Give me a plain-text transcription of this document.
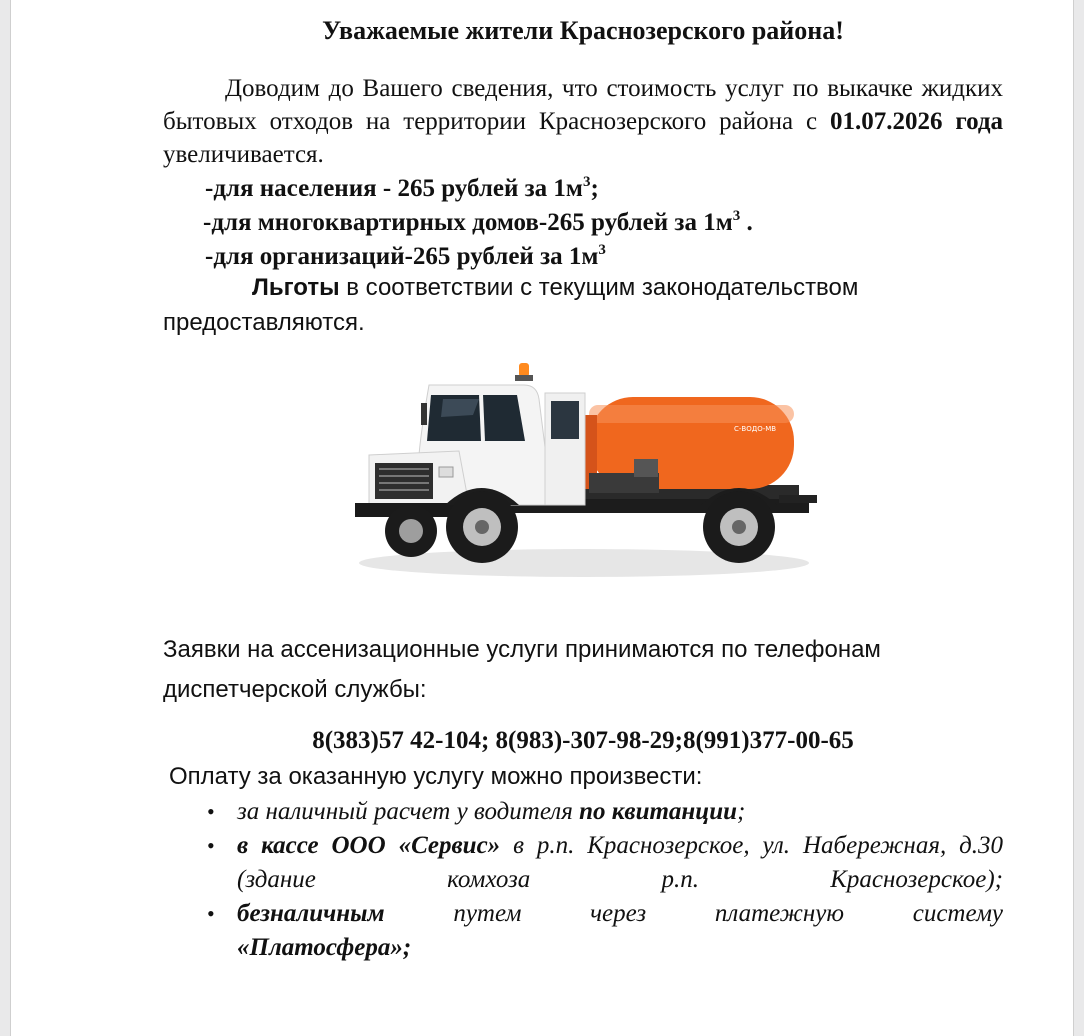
Уважаемые жители Краснозерского района!
Доводим до Вашего сведения, что стоимость услуг по выкачке жидких бытовых отходов на территории Краснозерского района с 01.07.2026 года увеличивается.
-для населения - 265 рублей за $1м^3$;
-для многоквартирных домов-265 рублей за $1м^3$ .
-для организаций-265 рублей за $1м^3$
Льготы в соответствии с текущим законодательством предоставляются.
С-ВОДО-МВ
Заявки на ассенизационные услуги принимаются по телефонам диспетчерской службы:
8(383)57 42-104; 8(983)-307-98-29;8(991)377-00-65
Оплату за оказанную услугу можно произвести:
• за наличный расчет у водителя по квитанции;
• в кассе ООО «Сервис» в р.п. Краснозерское, ул. Набережная, д.30 (здание комхоза р.п. Краснозерское);
• безналичным путем через платежную систему
«Платосфера»;
